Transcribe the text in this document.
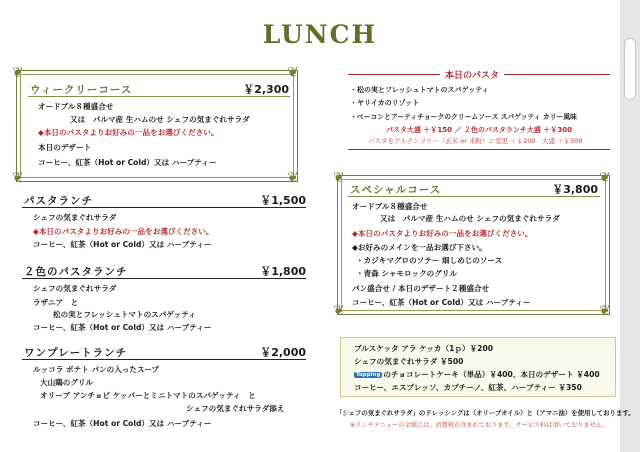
LUNCH
❦	❦
❦	❦
ウィークリーコース	￥2,300
オードブル８種盛合せ
又は　パルマ産 生ハムのせ シェフの気まぐれサラダ
◆本日のパスタよりお好みの一品をお選びください。
本日のデザート
コーヒー、紅茶（Hot or Cold）又は ハーブティー
パスタランチ	￥1,500
シェフの気まぐれサラダ
◆本日のパスタよりお好みの一品をお選びください。
コーヒー、紅茶（Hot or Cold）又は ハーブティー
２色のパスタランチ	￥1,800
シェフの気まぐれサラダ
ラザニア　と
松の実とフレッシュトマトのスパゲッティ
コーヒー、紅茶（Hot or Cold）又は ハーブティー
ワンプレートランチ	￥2,000
ルッコラ ポテト パンの入ったスープ
大山鶏のグリル
オリーブ アンチョビ ケッパーとミニトマトのスパゲッティ　と
シェフの気まぐれサラダ添え
コーヒー、紅茶（Hot or Cold）又は ハーブティー
本日のパスタ
・松の実とフレッシュトマトのスパゲッティ
・ヤリイカのリゾット
・ベーコンとアーティチョークのクリームソース スパゲッティ カリー風味
パスタ大盛 ＋￥150 ／ ２色のパスタランチ大盛 ＋￥300
パスタをグルテンフリー（玄米 or 米粉）に変更 ＋￥200　大盛 ＋￥300
❦	❦
❦	❦
スペシャルコース	￥3,800
オードブル８種盛合せ
又は　パルマ産 生ハムのせ シェフの気まぐれサラダ
◆本日のパスタよりお好みの一品をお選びください。
◆お好みのメインを一品お選び下さい。
・カジキマグロのソテー 畑しめじのソース
・青森 シャモロックのグリル
パン盛合せ / 本日のデザート２種盛合せ
コーヒー、紅茶（Hot or Cold）又は ハーブティー
ブルスケッタ アラ ケッカ（1ｐ）￥200
シェフの気まぐれサラダ ￥500
Topping の チョコレートケーキ（単品）￥400、本日のデザート ￥400
コーヒー、エスプレッソ、カプチーノ、紅茶、ハーブティー ￥350
「シェフの気まぐれサラダ」のドレッシングは（オリーブオイル）と（アマニ油）を使用しております。
※ランチメニューの金額には、消費税が含まれております。サービス料は頂いておりません。
